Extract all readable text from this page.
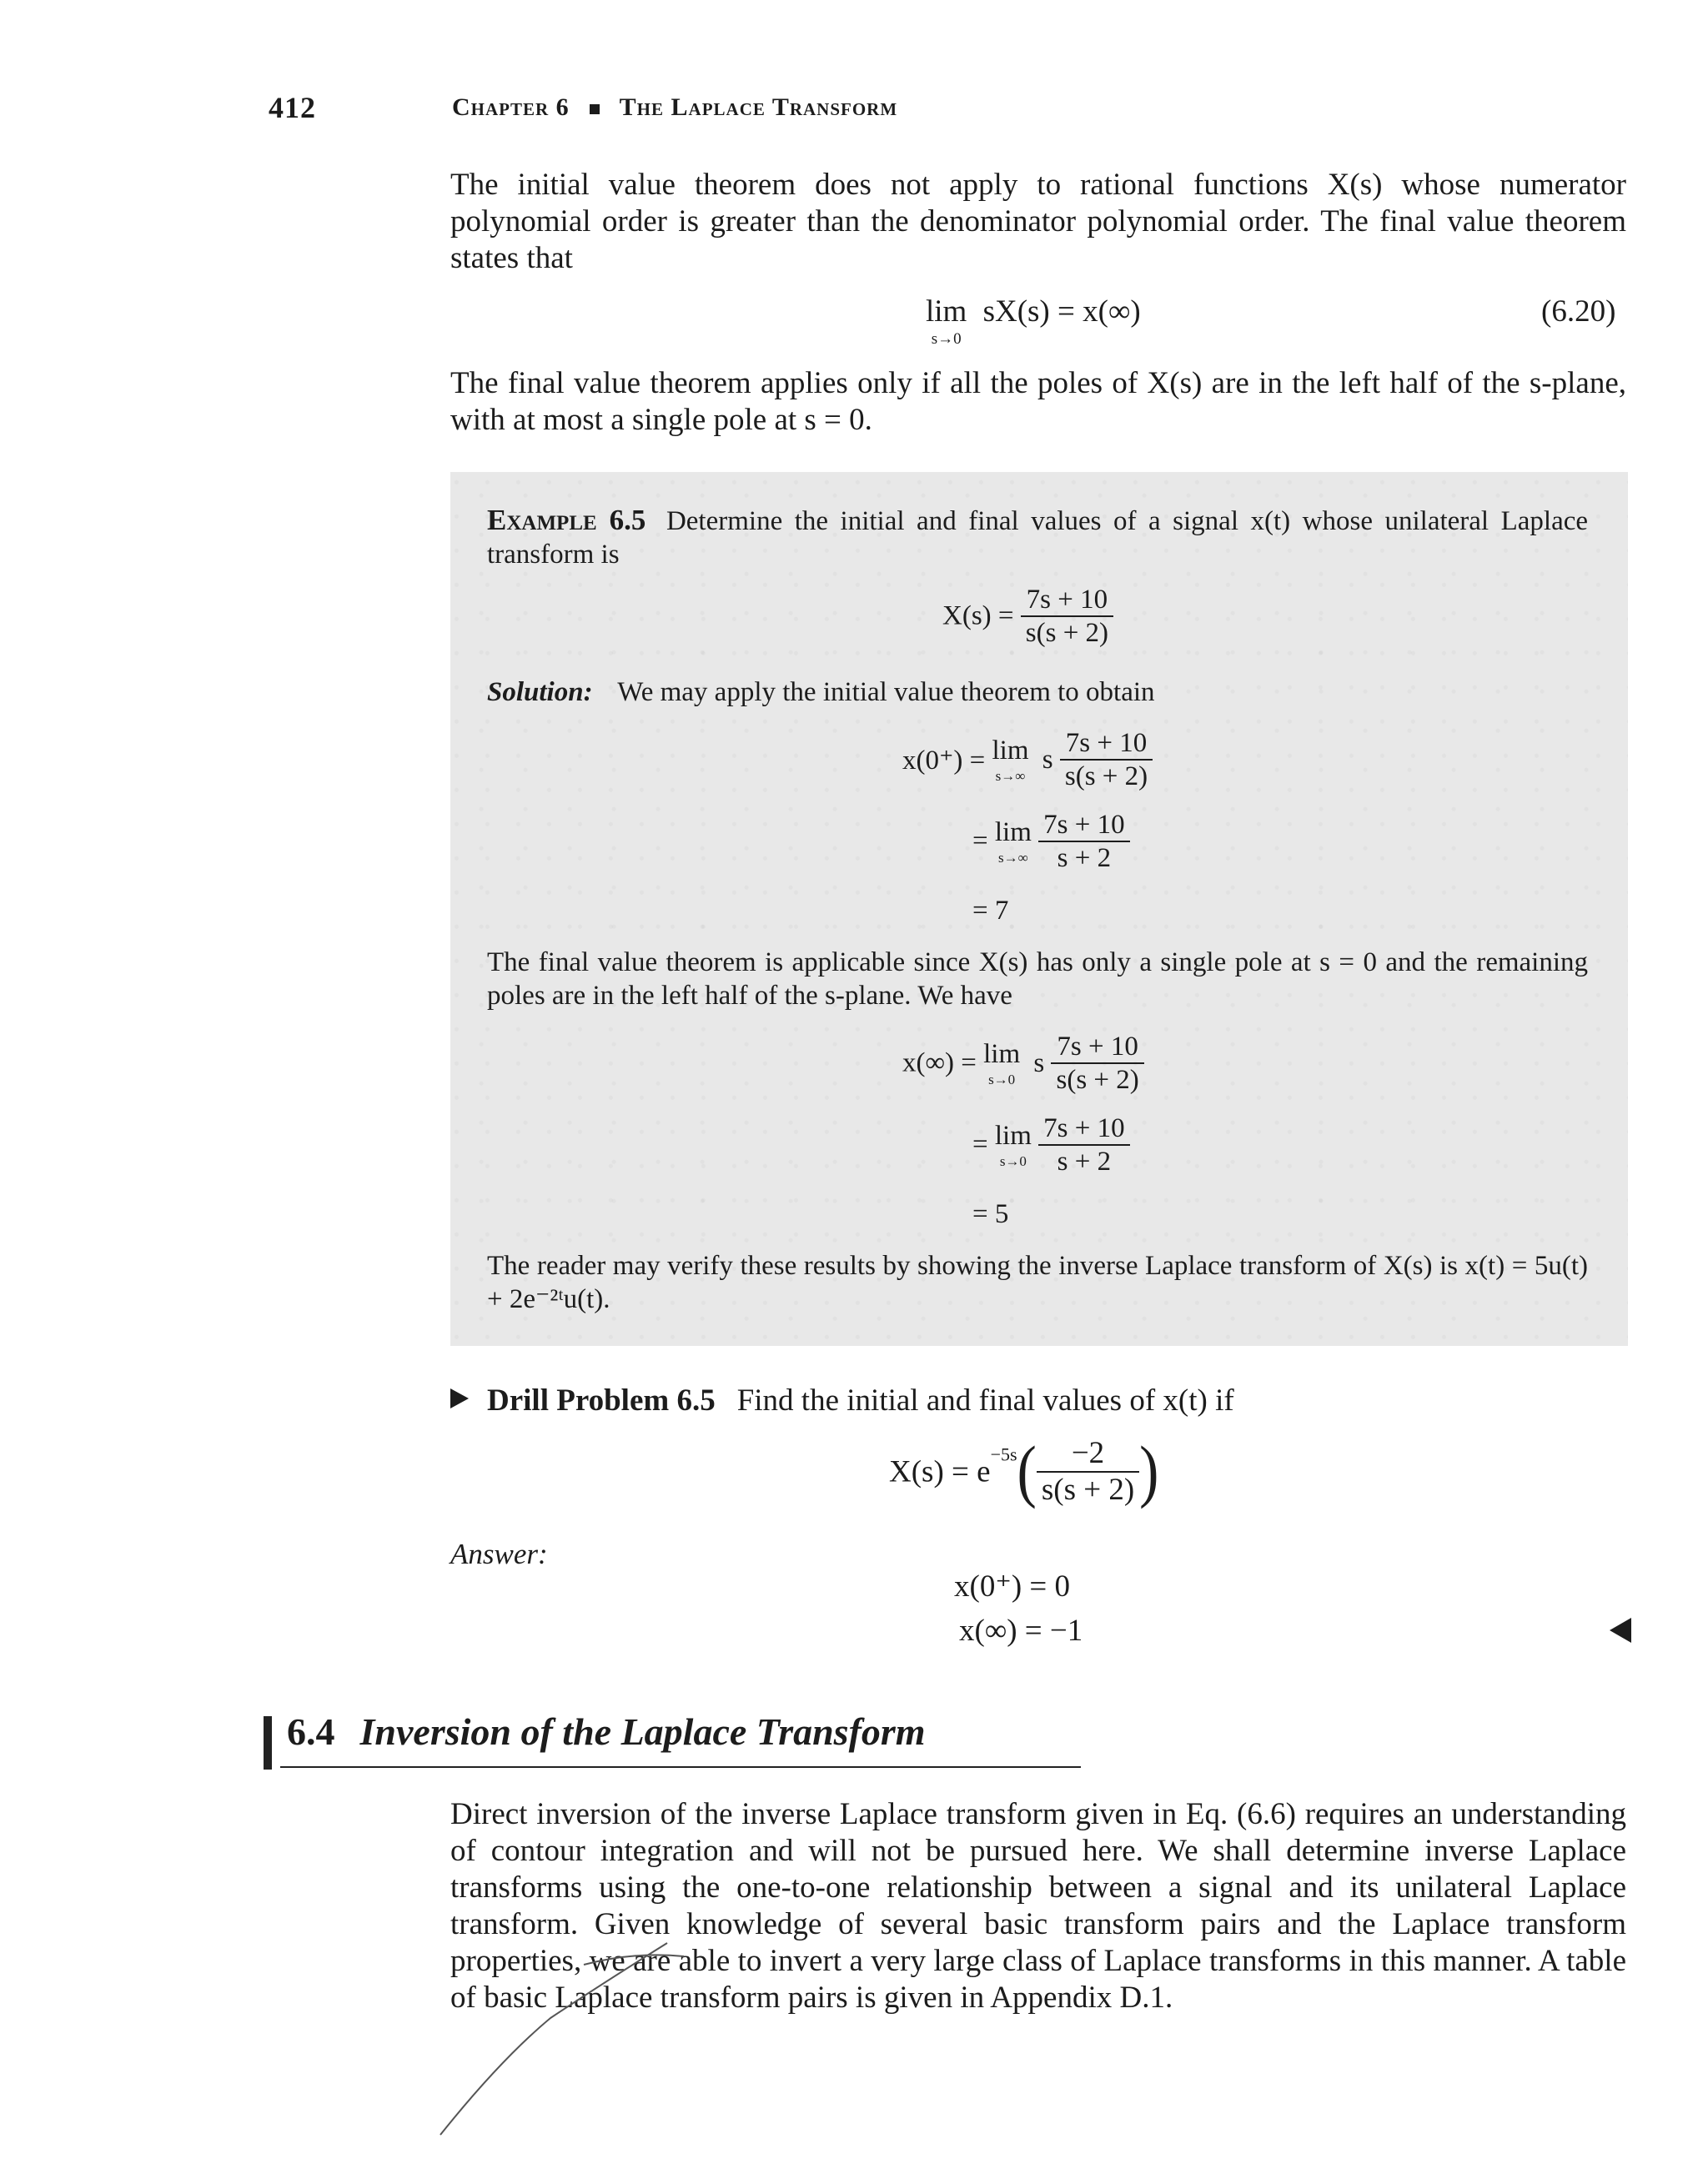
412	Chapter 6 The Laplace Transform
The initial value theorem does not apply to rational functions X(s) whose numerator polynomial order is greater than the denominator polynomial order. The final value theorem states that
lim
s→0
sX(s) = x(∞)	(6.20)
The final value theorem applies only if all the poles of X(s) are in the left half of the s-plane, with at most a single pole at s = 0.
Example 6.5 Determine the initial and final values of a signal x(t) whose unilateral Laplace transform is
$X(s) = \frac{7s + 10}{s(s + 2)}$
Solution: We may apply the initial value theorem to obtain
x(0⁺) = lim
s→∞
s $\frac{7s + 10}{s(s + 2)}$
= lim
s→∞
$\frac{7s + 10}{s + 2}$
= 7
The final value theorem is applicable since X(s) has only a single pole at s = 0 and the remaining poles are in the left half of the s-plane. We have
x(∞) = lim
s→0
s $\frac{7s + 10}{s(s + 2)}$
= lim
s→0
$\frac{7s + 10}{s + 2}$
= 5
The reader may verify these results by showing the inverse Laplace transform of X(s) is x(t) = 5u(t) + 2e⁻²ᵗu(t).
Drill Problem 6.5 Find the initial and final values of x(t) if
$X(s) = e^{-5s}( \frac{-2}{s(s + 2)}$ )
Answer:
x(0⁺) = 0
x(∞) = −1
6.4 Inversion of the Laplace Transform
Direct inversion of the inverse Laplace transform given in Eq. (6.6) requires an understanding of contour integration and will not be pursued here. We shall determine inverse Laplace transforms using the one-to-one relationship between a signal and its unilateral Laplace transform. Given knowledge of several basic transform pairs and the Laplace transform properties, we are able to invert a very large class of Laplace transforms in this manner. A table of basic Laplace transform pairs is given in Appendix D.1.
